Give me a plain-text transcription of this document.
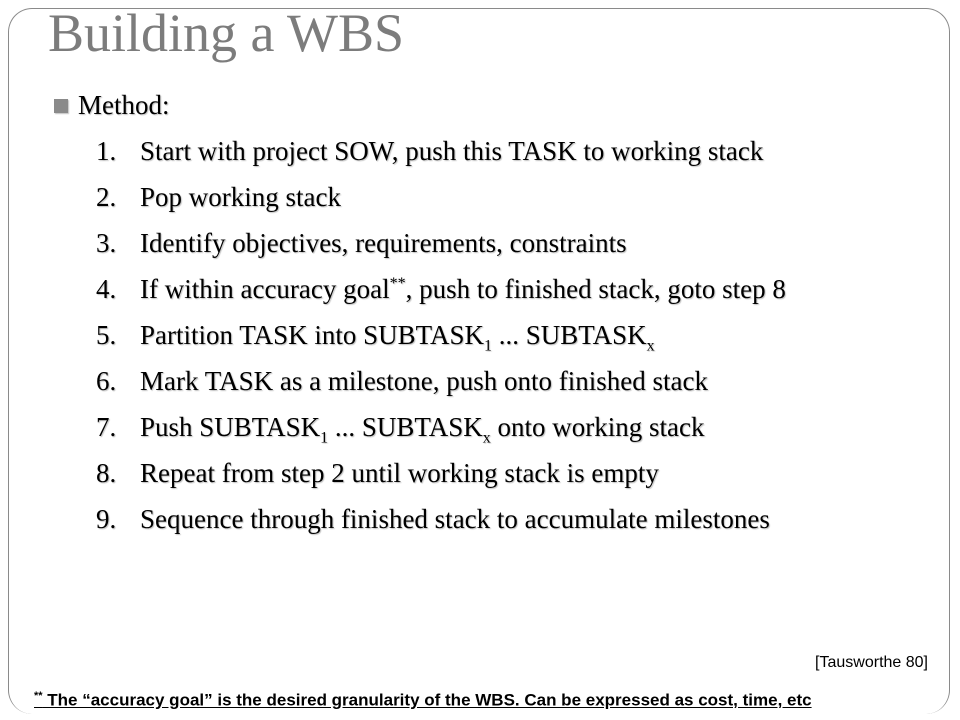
Building a WBS
Method:
1. Start with project SOW, push this TASK to working stack
2. Pop working stack
3. Identify objectives, requirements, constraints
4. If within accuracy goal**, push to finished stack, goto step 8
5. Partition TASK into $SUBTASK_1$ ... $SUBTASK_x$
6. Mark TASK as a milestone, push onto finished stack
7. Push $SUBTASK_1$ ... $SUBTASK_x$ onto working stack
8. Repeat from step 2 until working stack is empty
9. Sequence through finished stack to accumulate milestones
[Tausworthe 80]
** The “accuracy goal” is the desired granularity of the WBS. Can be expressed as cost, time, etc
